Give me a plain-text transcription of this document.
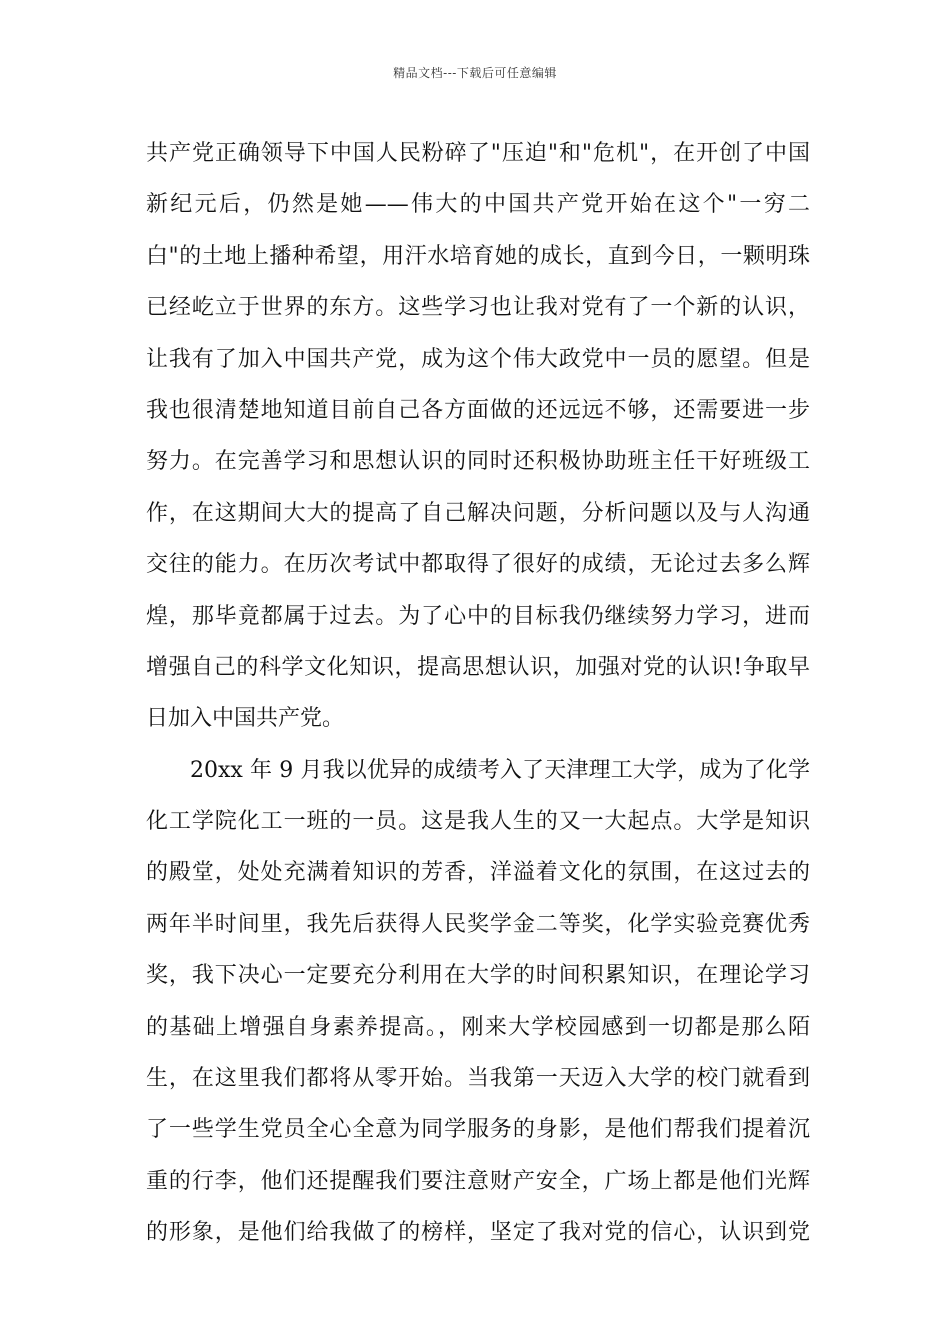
精品文档---下载后可任意编辑
共产党正确领导下中国人民粉碎了"压迫"和"危机"，在开创了中国
新纪元后，仍然是她——伟大的中国共产党开始在这个"一穷二
白"的土地上播种希望，用汗水培育她的成长，直到今日，一颗明珠
已经屹立于世界的东方。这些学习也让我对党有了一个新的认识，
让我有了加入中国共产党，成为这个伟大政党中一员的愿望。但是
我也很清楚地知道目前自己各方面做的还远远不够，还需要进一步
努力。在完善学习和思想认识的同时还积极协助班主任干好班级工
作，在这期间大大的提高了自己解决问题，分析问题以及与人沟通
交往的能力。在历次考试中都取得了很好的成绩，无论过去多么辉
煌，那毕竟都属于过去。为了心中的目标我仍继续努力学习，进而
增强自己的科学文化知识，提高思想认识，加强对党的认识!争取早
日加入中国共产党。
20xx 年 9 月我以优异的成绩考入了天津理工大学，成为了化学
化工学院化工一班的一员。这是我人生的又一大起点。大学是知识
的殿堂，处处充满着知识的芳香，洋溢着文化的氛围，在这过去的
两年半时间里，我先后获得人民奖学金二等奖，化学实验竞赛优秀
奖，我下决心一定要充分利用在大学的时间积累知识，在理论学习
的基础上增强自身素养提高。，刚来大学校园感到一切都是那么陌
生，在这里我们都将从零开始。当我第一天迈入大学的校门就看到
了一些学生党员全心全意为同学服务的身影，是他们帮我们提着沉
重的行李，他们还提醒我们要注意财产安全，广场上都是他们光辉
的形象，是他们给我做了的榜样，坚定了我对党的信心，认识到党
